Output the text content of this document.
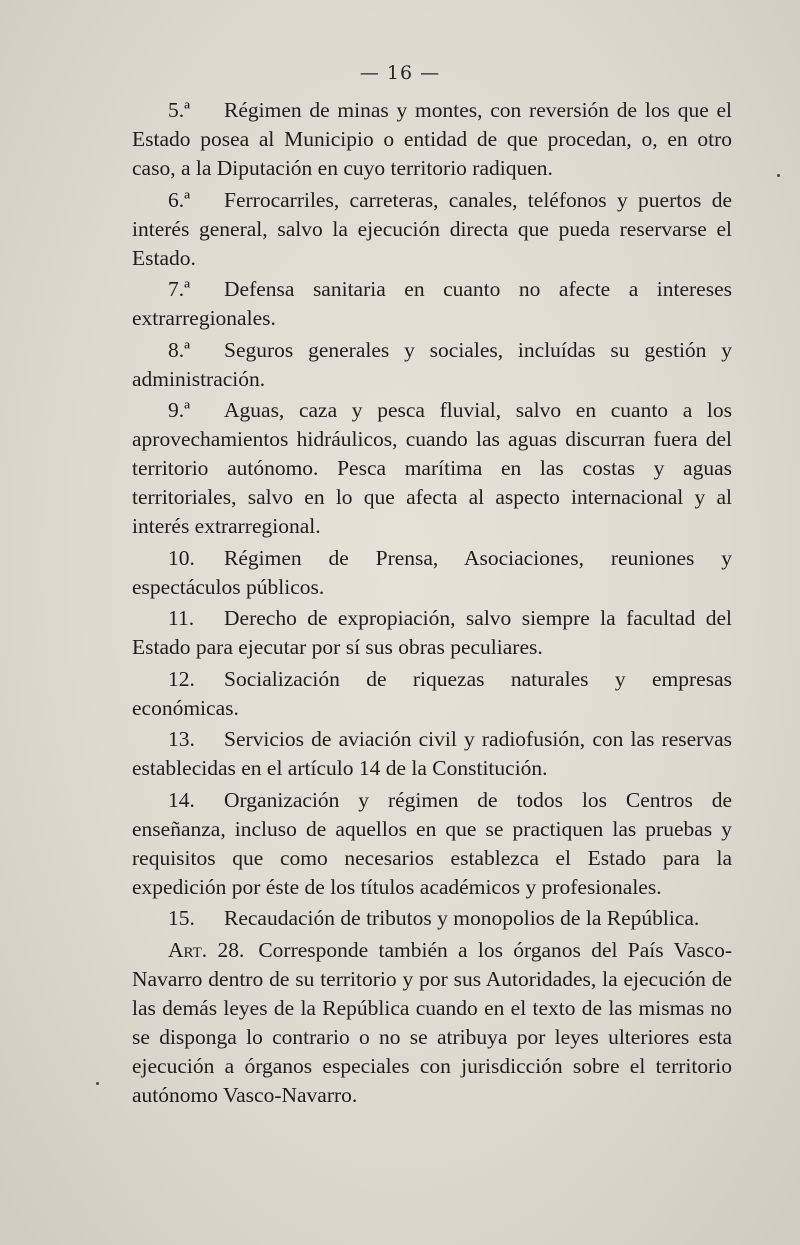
— 16 —

5.ª Régimen de minas y montes, con reversión de los que el Estado posea al Municipio o entidad de que procedan, o, en otro caso, a la Diputación en cuyo territorio radiquen.

6.ª Ferrocarriles, carreteras, canales, teléfonos y puertos de interés general, salvo la ejecución directa que pueda reservarse el Estado.

7.ª Defensa sanitaria en cuanto no afecte a intereses extrarregionales.

8.ª Seguros generales y sociales, incluídas su gestión y administración.

9.ª Aguas, caza y pesca fluvial, salvo en cuanto a los aprovechamientos hidráulicos, cuando las aguas discurran fuera del territorio autónomo. Pesca marítima en las costas y aguas territoriales, salvo en lo que afecta al aspecto internacional y al interés extrarregional.

10. Régimen de Prensa, Asociaciones, reuniones y espectáculos públicos.

11. Derecho de expropiación, salvo siempre la facultad del Estado para ejecutar por sí sus obras peculiares.

12. Socialización de riquezas naturales y empresas económicas.

13. Servicios de aviación civil y radiofusión, con las reservas establecidas en el artículo 14 de la Constitución.

14. Organización y régimen de todos los Centros de enseñanza, incluso de aquellos en que se practiquen las pruebas y requisitos que como necesarios establezca el Estado para la expedición por éste de los títulos académicos y profesionales.

15. Recaudación de tributos y monopolios de la República.

Art. 28. Corresponde también a los órganos del País Vasco-Navarro dentro de su territorio y por sus Autoridades, la ejecución de las demás leyes de la República cuando en el texto de las mismas no se disponga lo contrario o no se atribuya por leyes ulteriores esta ejecución a órganos especiales con jurisdicción sobre el territorio autónomo Vasco-Navarro.
